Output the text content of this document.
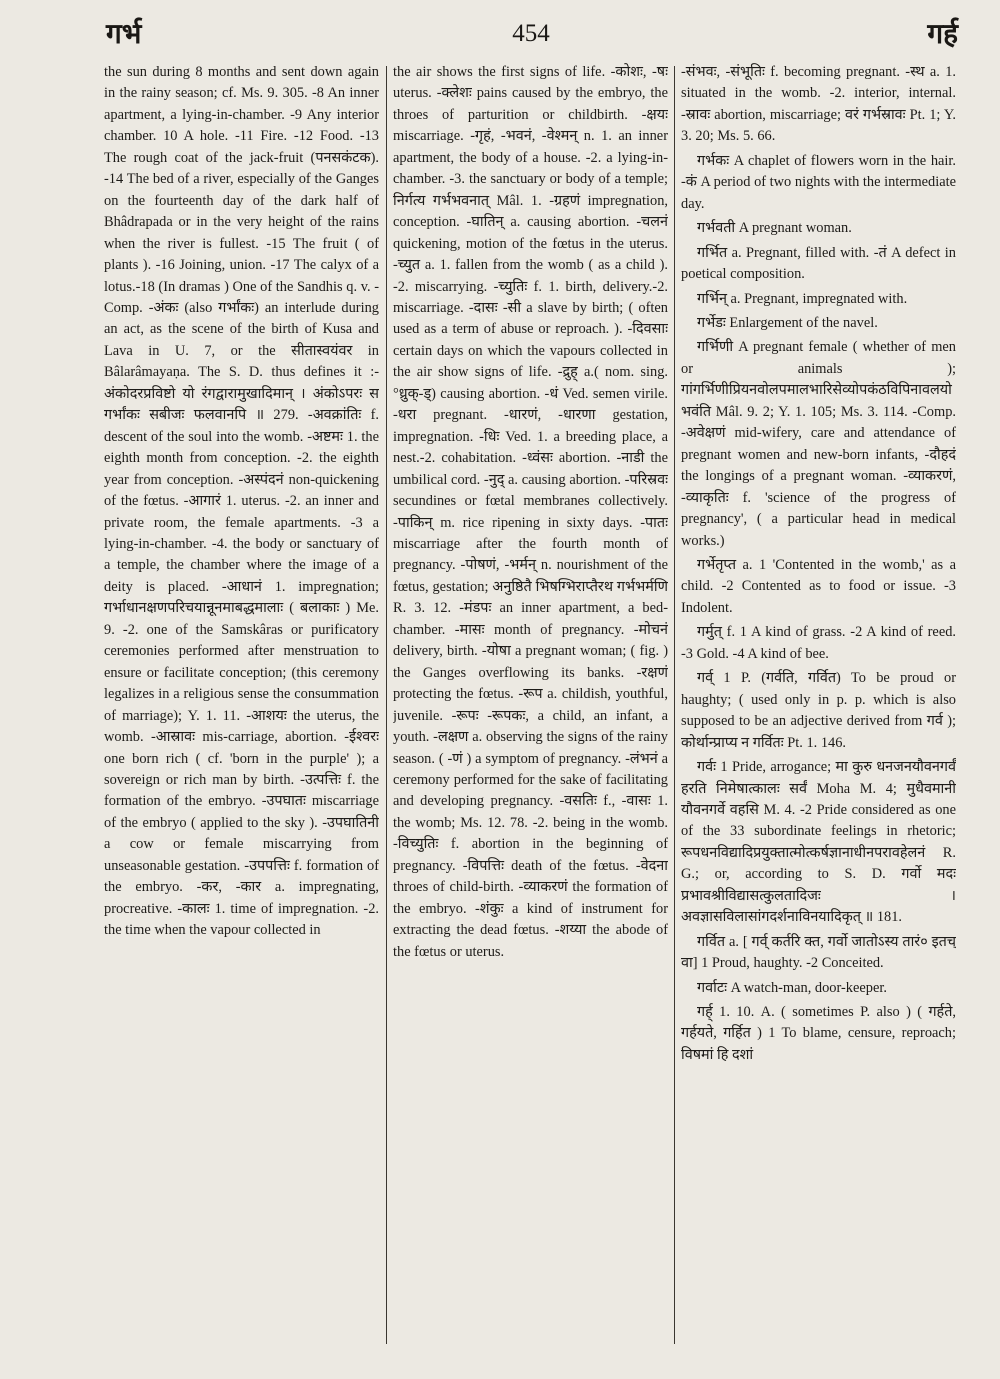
गर्भ	454	गर्ह

the sun during 8 months and sent down again in the rainy season; cf. Ms. 9. 305. -8 An inner apartment, a lying-in-chamber. -9 Any interior chamber. 10 A hole. -11 Fire. -12 Food. -13 The rough coat of the jack-fruit (पनसकंटक). -14 The bed of a river, especially of the Ganges on the fourteenth day of the dark half of Bhâdrapada or in the very height of the rains when the river is fullest. -15 The fruit ( of plants ). -16 Joining, union. -17 The calyx of a lotus.-18 (In dramas ) One of the Sandhis q. v. -Comp. -अंकः (also गर्भांकः) an interlude during an act, as the scene of the birth of Kusa and Lava in U. 7, or the सीतास्वयंवर in Bâlarâmayaṇa. The S. D. thus defines it :-अंकोदरप्रविष्टो यो रंगद्वारामुखादिमान् । अंकोऽपरः स गर्भांकः सबीजः फलवानपि ॥ 279. -अवक्रांतिः f. descent of the soul into the womb. -अष्टमः 1. the eighth month from conception. -2. the eighth year from conception. -अस्पंदनं non-quickening of the fœtus. -आगारं 1. uterus. -2. an inner and private room, the female apartments. -3 a lying-in-chamber. -4. the body or sanctuary of a temple, the chamber where the image of a deity is placed. -आधानं 1. impregnation; गर्भाधानक्षणपरिचयान्नूनमाबद्धमालाः ( बलाकाः ) Me. 9. -2. one of the Samskâras or purificatory ceremonies performed after menstruation to ensure or facilitate conception; (this ceremony legalizes in a religious sense the consummation of marriage); Y. 1. 11. -आशयः the uterus, the womb. -आस्रावः mis-carriage, abortion. -ईश्वरः one born rich ( cf. 'born in the purple' ); a sovereign or rich man by birth. -उत्पत्तिः f. the formation of the embryo. -उपघातः miscarriage of the embryo ( applied to the sky ). -उपघातिनी a cow or female miscarrying from unseasonable gestation. -उपपत्तिः f. formation of the embryo. -कर, -कार a. impregnating, procreative. -कालः 1. time of impregnation. -2. the time when the vapour collected in

the air shows the first signs of life. -कोशः, -षः uterus. -क्लेशः pains caused by the embryo, the throes of parturition or childbirth. -क्षयः miscarriage. -गृहं, -भवनं, -वेश्मन् n. 1. an inner apartment, the body of a house. -2. a lying-in-chamber. -3. the sanctuary or body of a temple; निर्गत्य गर्भभवनात् Mâl. 1. -ग्रहणं impregnation, conception. -घातिन् a. causing abortion. -चलनं quickening, motion of the fœtus in the uterus. -च्युत a. 1. fallen from the womb ( as a child ). -2. miscarrying. -च्युतिः f. 1. birth, delivery.-2. miscarriage. -दासः -सी a slave by birth; ( often used as a term of abuse or reproach. ). -दिवसाः certain days on which the vapours collected in the air show signs of life. -द्रुह् a.( nom. sing. °ध्रुक्-ड्) causing abortion. -धं Ved. semen virile. -धरा pregnant. -धारणं, -धारणा gestation, impregnation. -धिः Ved. 1. a breeding place, a nest.-2. cohabitation. -ध्वंसः abortion. -नाडी the umbilical cord. -नुद् a. causing abortion. -परिस्रवः secundines or fœtal membranes collectively. -पाकिन् m. rice ripening in sixty days. -पातः miscarriage after the fourth month of pregnancy. -पोषणं, -भर्मन् n. nourishment of the fœtus, gestation; अनुष्ठितै भिषग्भिराप्तैरथ गर्भभर्मणि R. 3. 12. -मंडपः an inner apartment, a bed-chamber. -मासः month of pregnancy. -मोचनं delivery, birth. -योषा a pregnant woman; ( fig. ) the Ganges overflowing its banks. -रक्षणं protecting the fœtus. -रूप a. childish, youthful, juvenile. -रूपः -रूपकः, a child, an infant, a youth. -लक्षण a. observing the signs of the rainy season. ( -णं ) a symptom of pregnancy. -लंभनं a ceremony performed for the sake of facilitating and developing pregnancy. -वसतिः f., -वासः 1. the womb; Ms. 12. 78. -2. being in the womb. -विच्युतिः f. abortion in the beginning of pregnancy. -विपत्तिः death of the fœtus. -वेदना throes of child-birth. -व्याकरणं the formation of the embryo. -शंकुः a kind of instrument for extracting the dead fœtus. -शय्या the abode of the fœtus or uterus.

-संभवः, -संभूतिः f. becoming pregnant. -स्थ a. 1. situated in the womb. -2. interior, internal. -स्रावः abortion, miscarriage; वरं गर्भस्रावः Pt. 1; Y. 3. 20; Ms. 5. 66.

गर्भकः A chaplet of flowers worn in the hair. -कं A period of two nights with the intermediate day.

गर्भवती A pregnant woman.

गर्भित a. Pregnant, filled with. -तं A defect in poetical composition.

गर्भिन् a. Pregnant, impregnated with.

गर्भेडः Enlargement of the navel.

गर्भिणी A pregnant female ( whether of men or animals ); गांगर्भिणीप्रियनवोलपमालभारिसेव्योपकंठविपिनावलयो भवंति Mâl. 9. 2; Y. 1. 105; Ms. 3. 114. -Comp. -अवेक्षणं mid-wifery, care and attendance of pregnant women and new-born infants, -दौहदं the longings of a pregnant woman. -व्याकरणं, -व्याकृतिः f. 'science of the progress of pregnancy', ( a particular head in medical works.)

गर्भेतृप्त a. 1 'Contented in the womb,' as a child. -2 Contented as to food or issue. -3 Indolent.

गर्मुत् f. 1 A kind of grass. -2 A kind of reed. -3 Gold. -4 A kind of bee.

गर्व् 1 P. (गर्वति, गर्वित) To be proud or haughty; ( used only in p. p. which is also supposed to be an adjective derived from गर्व ); कोर्थान्प्राप्य न गर्वितः Pt. 1. 146.

गर्वः 1 Pride, arrogance; मा कुरु धनजनयौवनगर्वं हरति निमेषात्कालः सर्वं Moha M. 4; मुधैवमानी यौवनगर्वे वहसि M. 4. -2 Pride considered as one of the 33 subordinate feelings in rhetoric; रूपधनविद्यादिप्रयुक्तात्मोत्कर्षज्ञानाधीनपरावहेलनं R. G.; or, according to S. D. गर्वो मदः प्रभावश्रीविद्यासत्कुलतादिजः । अवज्ञासविलासांगदर्शनाविनयादिकृत् ॥ 181.

गर्वित a. [ गर्व् कर्तरि क्त, गर्वो जातोऽस्य तारं० इतच् वा] 1 Proud, haughty. -2 Conceited.

गर्वाटः A watch-man, door-keeper.

गर्ह् 1. 10. A. ( sometimes P. also ) ( गर्हते, गर्हयते, गर्हित ) 1 To blame, censure, reproach; विषमां हि दशां
